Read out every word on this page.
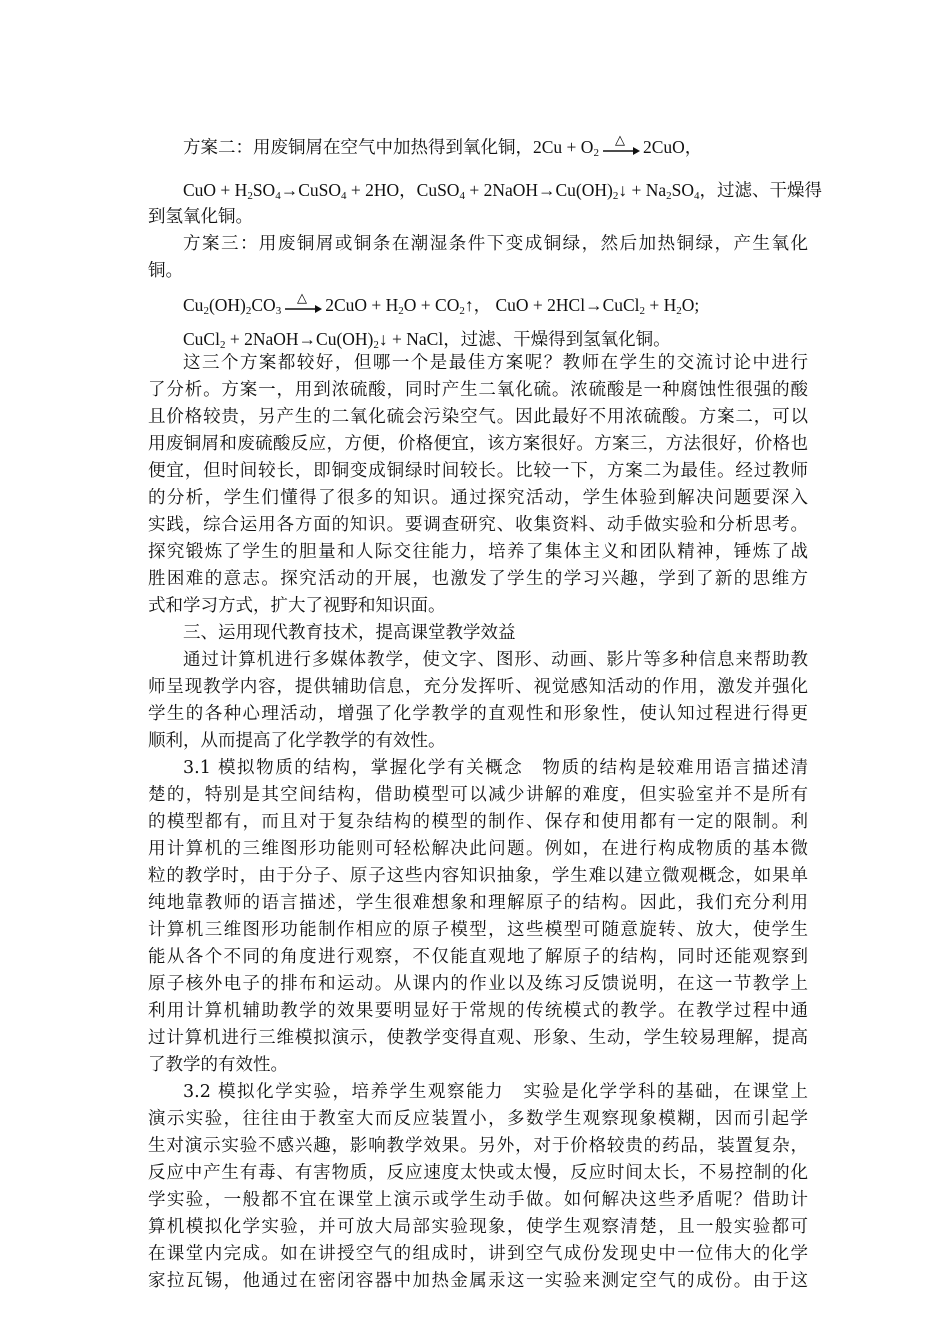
方案二：用废铜屑在空气中加热得到氧化铜，$2Cu + O_2$
△ 2CuO，
CuO + $H_2SO_4\to CuSO_4 + 2HO$，CuSO$_4$ + $2NaOH\to Cu(OH)_2↓ + Na_2SO_4$，过滤、干燥得
到氢氧化铜。
方案三：用废铜屑或铜条在潮湿条件下变成铜绿，然后加热铜绿，产生氧化
铜。
$Cu_2(OH)_2CO_3$
△ $2CuO + H_2O$ + $CO_2↑$， CuO + 2HCl→CuCl$_2$ + $H_2O$;
CuCl$_2$ + $2NaOH\to Cu(OH)_2↓$ + NaCl，过滤、干燥得到氢氧化铜。
这三个方案都较好，但哪一个是最佳方案呢？教师在学生的交流讨论中进行
了分析。方案一，用到浓硫酸，同时产生二氧化硫。浓硫酸是一种腐蚀性很强的酸
且价格较贵，另产生的二氧化硫会污染空气。因此最好不用浓硫酸。方案二，可以
用废铜屑和废硫酸反应，方便，价格便宜，该方案很好。方案三，方法很好，价格也
便宜，但时间较长，即铜变成铜绿时间较长。比较一下，方案二为最佳。经过教师
的分析，学生们懂得了很多的知识。通过探究活动，学生体验到解决问题要深入
实践，综合运用各方面的知识。要调查研究、收集资料、动手做实验和分析思考。
探究锻炼了学生的胆量和人际交往能力，培养了集体主义和团队精神，锤炼了战
胜困难的意志。探究活动的开展，也激发了学生的学习兴趣，学到了新的思维方
式和学习方式，扩大了视野和知识面。
三、运用现代教育技术，提高课堂教学效益
通过计算机进行多媒体教学，使文字、图形、动画、影片等多种信息来帮助教
师呈现教学内容，提供辅助信息，充分发挥听、视觉感知活动的作用，激发并强化
学生的各种心理活动，增强了化学教学的直观性和形象性，使认知过程进行得更
顺利，从而提高了化学教学的有效性。
3.1 模拟物质的结构，掌握化学有关概念　物质的结构是较难用语言描述清
楚的，特别是其空间结构，借助模型可以减少讲解的难度，但实验室并不是所有
的模型都有，而且对于复杂结构的模型的制作、保存和使用都有一定的限制。利
用计算机的三维图形功能则可轻松解决此问题。例如，在进行构成物质的基本微
粒的教学时，由于分子、原子这些内容知识抽象，学生难以建立微观概念，如果单
纯地靠教师的语言描述，学生很难想象和理解原子的结构。因此，我们充分利用
计算机三维图形功能制作相应的原子模型，这些模型可随意旋转、放大，使学生
能从各个不同的角度进行观察，不仅能直观地了解原子的结构，同时还能观察到
原子核外电子的排布和运动。从课内的作业以及练习反馈说明，在这一节教学上
利用计算机辅助教学的效果要明显好于常规的传统模式的教学。在教学过程中通
过计算机进行三维模拟演示，使教学变得直观、形象、生动，学生较易理解，提高
了教学的有效性。
3.2 模拟化学实验，培养学生观察能力　实验是化学学科的基础，在课堂上
演示实验，往往由于教室大而反应装置小，多数学生观察现象模糊，因而引起学
生对演示实验不感兴趣，影响教学效果。另外，对于价格较贵的药品，装置复杂，
反应中产生有毒、有害物质，反应速度太快或太慢，反应时间太长，不易控制的化
学实验，一般都不宜在课堂上演示或学生动手做。如何解决这些矛盾呢？借助计
算机模拟化学实验，并可放大局部实验现象，使学生观察清楚，且一般实验都可
在课堂内完成。如在讲授空气的组成时，讲到空气成份发现史中一位伟大的化学
家拉瓦锡，他通过在密闭容器中加热金属汞这一实验来测定空气的成份。由于这
